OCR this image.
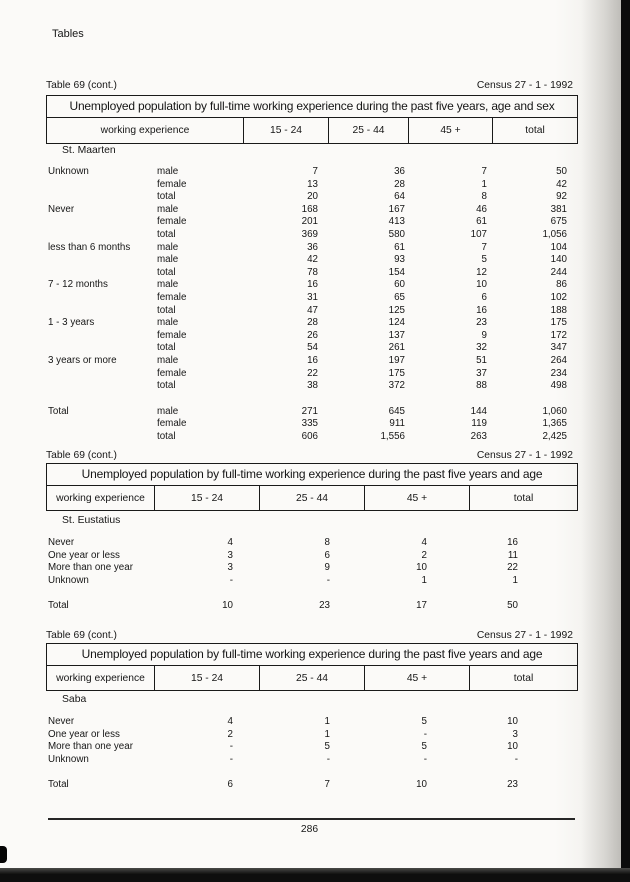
Tables
Table 69 (cont.)	Census 27 - 1 - 1992
Unemployed population by full-time working experience during the past five years, age and sex
working experience	15 - 24	25 - 44	45 +	total
St. Maarten
Unknown	male	7	36	7	50
female	13	28	1	42
total	20	64	8	92
Never	male	168	167	46	381
female	201	413	61	675
total	369	580	107	1,056
less than 6 months	male	36	61	7	104
male	42	93	5	140
total	78	154	12	244
7 - 12 months	male	16	60	10	86
female	31	65	6	102
total	47	125	16	188
1 - 3 years	male	28	124	23	175
female	26	137	9	172
total	54	261	32	347
3 years or more	male	16	197	51	264
female	22	175	37	234
total	38	372	88	498
Total	male	271	645	144	1,060
female	335	911	119	1,365
total	606	1,556	263	2,425
Table 69 (cont.)	Census 27 - 1 - 1992
Unemployed population by full-time working experience during the past five years and age
working experience	15 - 24	25 - 44	45 +	total
St. Eustatius
Never	4	8	4	16
One year or less	3	6	2	11
More than one year	3	9	10	22
Unknown	-	-	1	1
Total	10	23	17	50
Table 69 (cont.)	Census 27 - 1 - 1992
Unemployed population by full-time working experience during the past five years and age
working experience	15 - 24	25 - 44	45 +	total
Saba
Never	4	1	5	10
One year or less	2	1	-	3
More than one year	-	5	5	10
Unknown	-	-	-	-
Total	6	7	10	23
286
